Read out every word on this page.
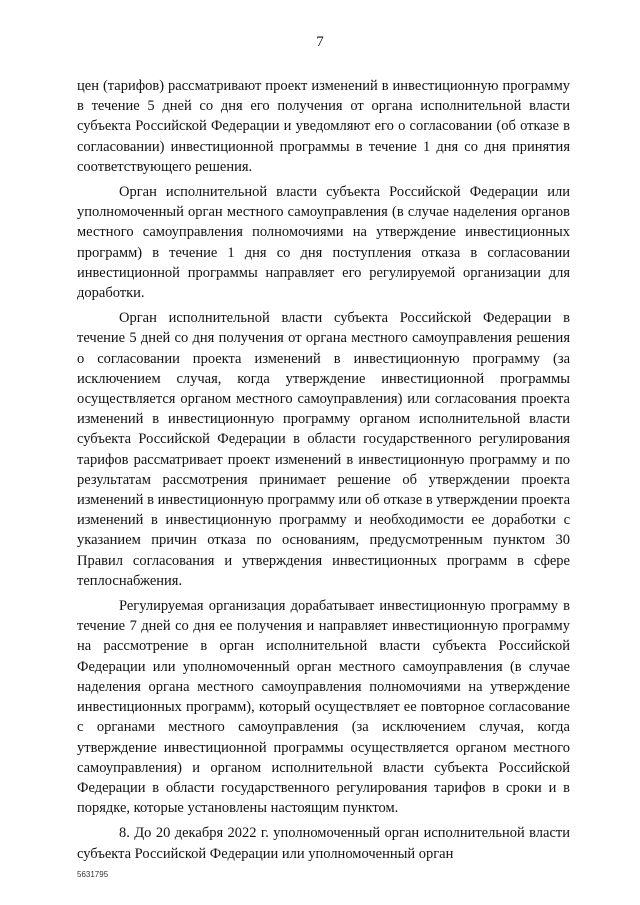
7

цен (тарифов) рассматривают проект изменений в инвестиционную программу в течение 5 дней со дня его получения от органа исполнительной власти субъекта Российской Федерации и уведомляют его о согласовании (об отказе в согласовании) инвестиционной программы в течение 1 дня со дня принятия соответствующего решения.

Орган исполнительной власти субъекта Российской Федерации или уполномоченный орган местного самоуправления (в случае наделения органов местного самоуправления полномочиями на утверждение инвестиционных программ) в течение 1 дня со дня поступления отказа в согласовании инвестиционной программы направляет его регулируемой организации для доработки.

Орган исполнительной власти субъекта Российской Федерации в течение 5 дней со дня получения от органа местного самоуправления решения о согласовании проекта изменений в инвестиционную программу (за исключением случая, когда утверждение инвестиционной программы осуществляется органом местного самоуправления) или согласования проекта изменений в инвестиционную программу органом исполнительной власти субъекта Российской Федерации в области государственного регулирования тарифов рассматривает проект изменений в инвестиционную программу и по результатам рассмотрения принимает решение об утверждении проекта изменений в инвестиционную программу или об отказе в утверждении проекта изменений в инвестиционную программу и необходимости ее доработки с указанием причин отказа по основаниям, предусмотренным пунктом 30 Правил согласования и утверждения инвестиционных программ в сфере теплоснабжения.

Регулируемая организация дорабатывает инвестиционную программу в течение 7 дней со дня ее получения и направляет инвестиционную программу на рассмотрение в орган исполнительной власти субъекта Российской Федерации или уполномоченный орган местного самоуправления (в случае наделения органа местного самоуправления полномочиями на утверждение инвестиционных программ), который осуществляет ее повторное согласование с органами местного самоуправления (за исключением случая, когда утверждение инвестиционной программы осуществляется органом местного самоуправления) и органом исполнительной власти субъекта Российской Федерации в области государственного регулирования тарифов в сроки и в порядке, которые установлены настоящим пунктом.

8. До 20 декабря 2022 г. уполномоченный орган исполнительной власти субъекта Российской Федерации или уполномоченный орган

5631795
